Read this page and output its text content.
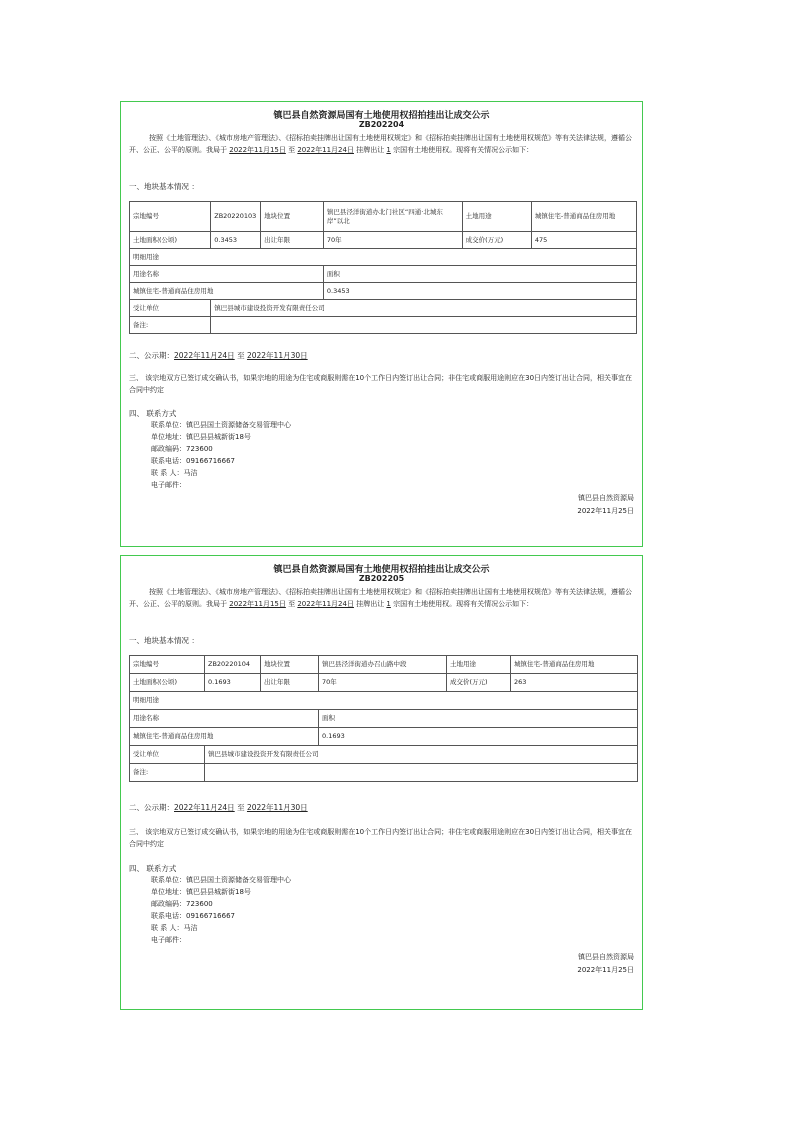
镇巴县自然资源局国有土地使用权招拍挂出让成交公示
ZB202204
按照《土地管理法》、《城市房地产管理法》、《招标拍卖挂牌出让国有土地使用权规定》和《招标拍卖挂牌出让国有土地使用权规范》等有关法律法规，遵循公开、公正、公平的原则。我局于 2022年11月15日 至 2022年11月24日 挂牌出让 1 宗国有土地使用权。现将有关情况公示如下：
一、地块基本情况 ：
宗地编号	ZB20220103	地块位置	镇巴县泾洋街道办北门社区“四通·北城东岸”以北	土地用途	城镇住宅-普通商品住房用地
土地面积(公顷)	0.3453	出让年限	70年	成交价(万元)	475
明细用途					
用途名称			面积		
城镇住宅-普通商品住房用地			0.3453		
受让单位	镇巴县城市建设投资开发有限责任公司				
备注:					
二、公示期：2022年11月24日 至 2022年11月30日
三、 该宗地双方已签订成交确认书，如果宗地的用途为住宅或商服则需在10个工作日内签订出让合同；非住宅或商服用途则应在30日内签订出让合同，相关事宜在合同中约定
四、 联系方式
联系单位：镇巴县国土资源储备交易管理中心
单位地址：镇巴县县城新街18号
邮政编码：723600
联系电话：09166716667
联 系 人：马洁
电子邮件：
镇巴县自然资源局
2022年11月25日
镇巴县自然资源局国有土地使用权招拍挂出让成交公示
ZB202205
按照《土地管理法》、《城市房地产管理法》、《招标拍卖挂牌出让国有土地使用权规定》和《招标拍卖挂牌出让国有土地使用权规范》等有关法律法规，遵循公开、公正、公平的原则。我局于 2022年11月15日 至 2022年11月24日 挂牌出让 1 宗国有土地使用权。现将有关情况公示如下：
一、地块基本情况 ：
宗地编号	ZB20220104	地块位置	镇巴县泾洋街道办召山路中段	土地用途	城镇住宅-普通商品住房用地
土地面积(公顷)	0.1693	出让年限	70年	成交价(万元)	263
明细用途					
用途名称			面积		
城镇住宅-普通商品住房用地			0.1693		
受让单位	镇巴县城市建设投资开发有限责任公司				
备注:					
二、公示期：2022年11月24日 至 2022年11月30日
三、 该宗地双方已签订成交确认书，如果宗地的用途为住宅或商服则需在10个工作日内签订出让合同；非住宅或商服用途则应在30日内签订出让合同，相关事宜在合同中约定
四、 联系方式
联系单位：镇巴县国土资源储备交易管理中心
单位地址：镇巴县县城新街18号
邮政编码：723600
联系电话：09166716667
联 系 人：马洁
电子邮件：
镇巴县自然资源局
2022年11月25日
